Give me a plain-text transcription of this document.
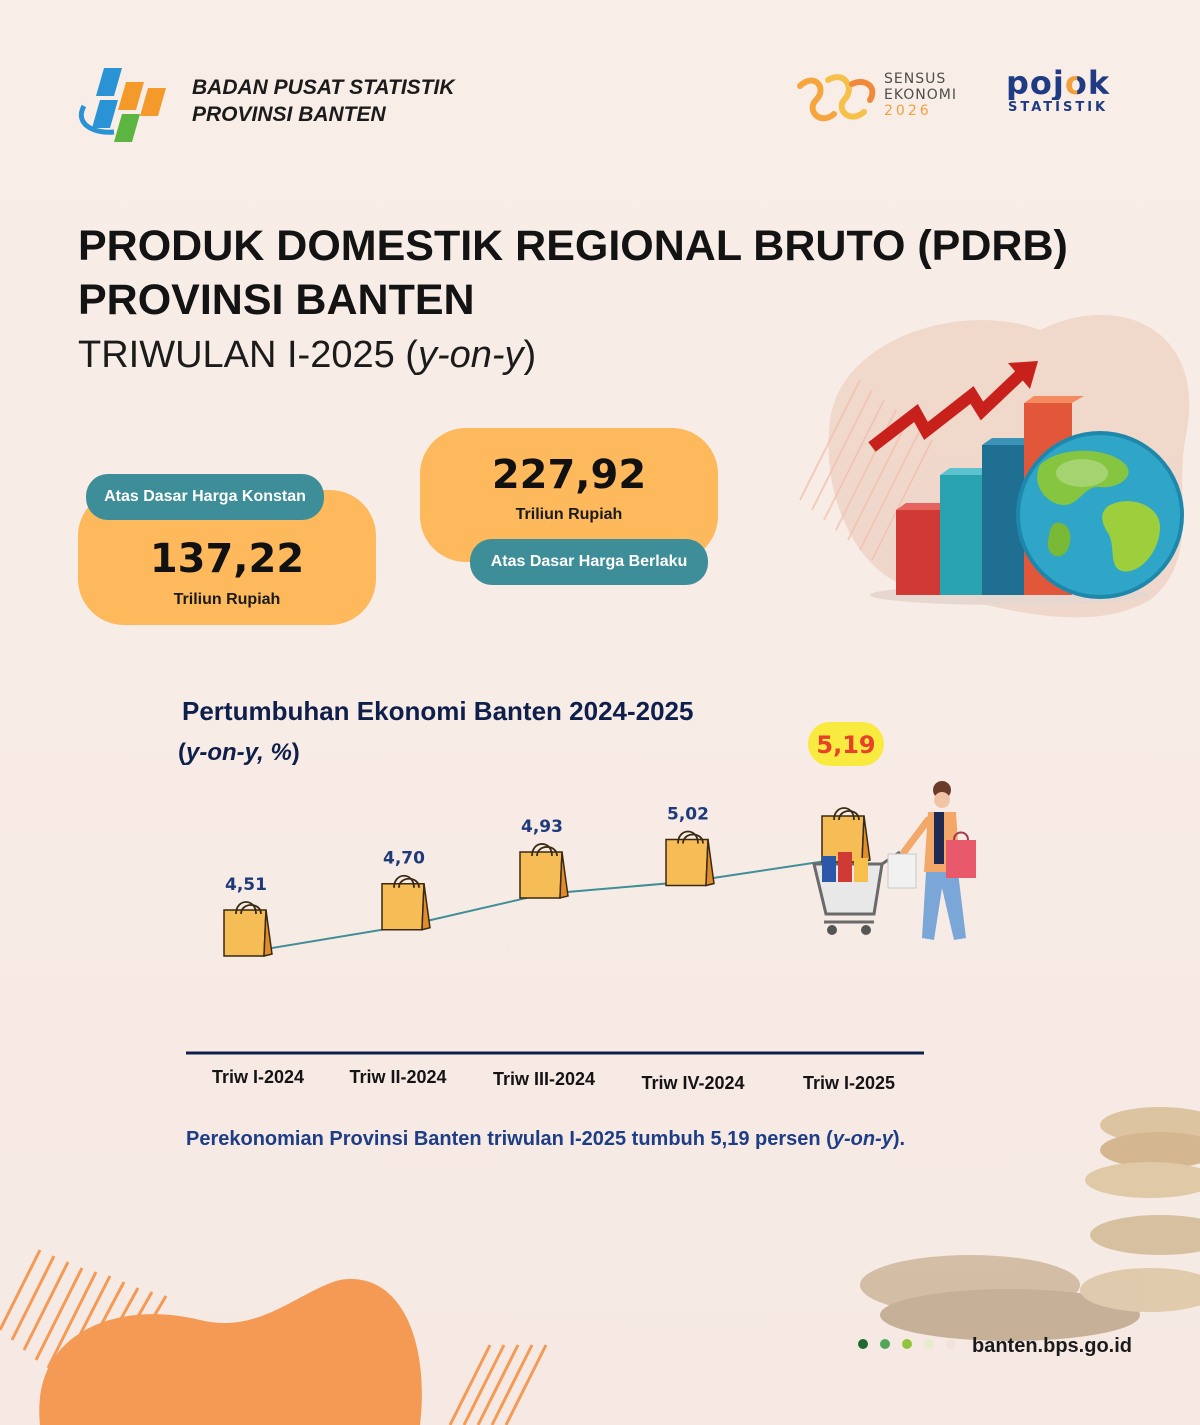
BADAN PUSAT STATISTIK
PROVINSI BANTEN
SENSUS
EKONOMI
2026
pojok
STATISTIK
PRODUK DOMESTIK REGIONAL BRUTO (PDRB)
PROVINSI BANTEN
TRIWULAN I-2025 (y-on-y)
Atas Dasar Harga Konstan
137,22
Triliun Rupiah
227,92
Triliun Rupiah
Atas Dasar Harga Berlaku
Pertumbuhan Ekonomi Banten 2024-2025
(y-on-y, %)
4,51
Triw I-2024
4,70
Triw II-2024
4,93
Triw III-2024
5,02
Triw IV-2024
5,19
Triw I-2025
Perekonomian Provinsi Banten triwulan I-2025 tumbuh 5,19 persen (y-on-y).
banten.bps.go.id
